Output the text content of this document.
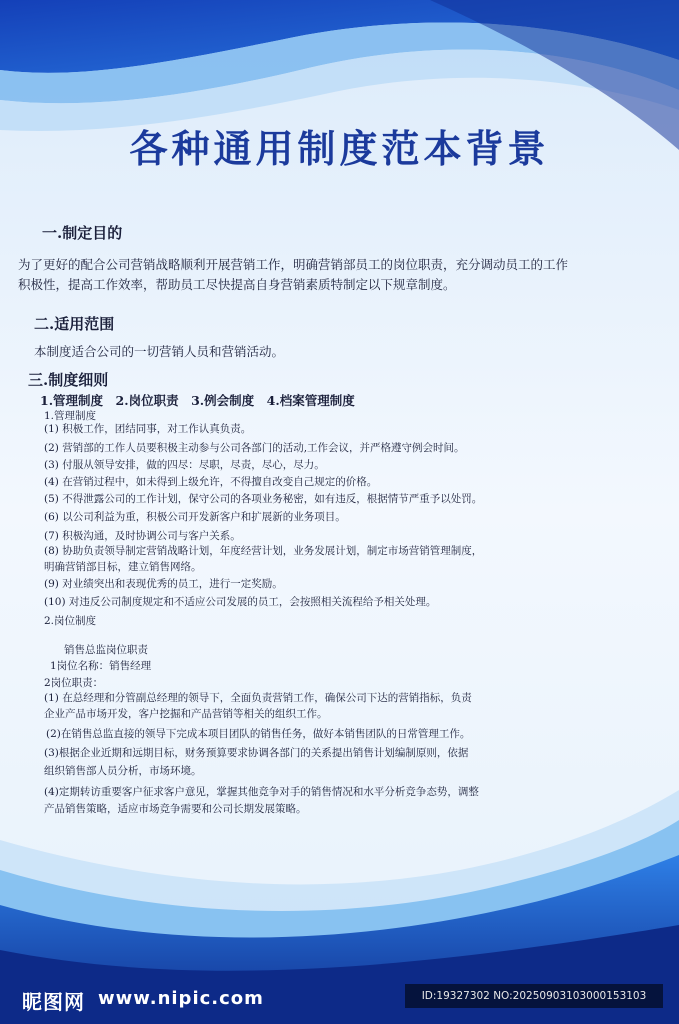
各种通用制度范本背景
一.制定目的
为了更好的配合公司营销战略顺利开展营销工作，明确营销部员工的岗位职责，充分调动员工的工作
积极性，提高工作效率，帮助员工尽快提高自身营销素质特制定以下规章制度。
二.适用范围
本制度适合公司的一切营销人员和营销活动。
三.制度细则
1.管理制度　2.岗位职责　3.例会制度　4.档案管理制度
1.管理制度
(1) 积极工作，团结同事，对工作认真负责。
(2) 营销部的工作人员要积极主动参与公司各部门的活动,工作会议，并严格遵守例会时间。
(3) 付服从领导安排，做的四尽：尽职，尽责，尽心，尽力。
(4) 在营销过程中，如未得到上级允许，不得擅自改变自己规定的价格。
(5) 不得泄露公司的工作计划，保守公司的各项业务秘密，如有违反，根据情节严重予以处罚。
(6) 以公司利益为重，积极公司开发新客户和扩展新的业务项目。
(7) 积极沟通，及时协调公司与客户关系。
(8) 协助负责领导制定营销战略计划，年度经营计划，业务发展计划，制定市场营销管理制度，
明确营销部目标，建立销售网络。
(9) 对业绩突出和表现优秀的员工，进行一定奖励。
(10) 对违反公司制度规定和不适应公司发展的员工，会按照相关流程给予相关处理。
2.岗位制度
销售总监岗位职责
1岗位名称：销售经理
2岗位职责：
(1) 在总经理和分管副总经理的领导下，全面负责营销工作，确保公司下达的营销指标，负责
企业产品市场开发，客户挖掘和产品营销等相关的组织工作。
(2)在销售总监直接的领导下完成本项目团队的销售任务，做好本销售团队的日常管理工作。
(3)根据企业近期和远期目标，财务预算要求协调各部门的关系提出销售计划编制原则，依据
组织销售部人员分析，市场环境。
(4)定期转访重要客户征求客户意见，掌握其他竞争对手的销售情况和水平分析竞争态势，调整
产品销售策略，适应市场竞争需要和公司长期发展策略。
昵图网 www.nipic.com	ID:19327302 NO:20250903103000153103
